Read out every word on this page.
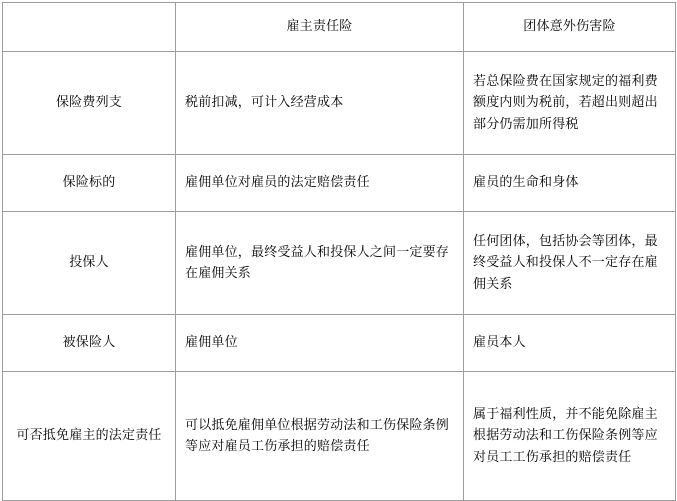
	雇主责任险	团体意外伤害险
保险费列支	税前扣减，可计入经营成本	若总保险费在国家规定的福利费额度内则为税前，若超出则超出部分仍需加所得税
保险标的	雇佣单位对雇员的法定赔偿责任	雇员的生命和身体
投保人	雇佣单位，最终受益人和投保人之间一定要存在雇佣关系	任何团体，包括协会等团体，最终受益人和投保人不一定存在雇佣关系
被保险人	雇佣单位	雇员本人
可否抵免雇主的法定责任	可以抵免雇佣单位根据劳动法和工伤保险条例等应对雇员工伤承担的赔偿责任	属于福利性质，并不能免除雇主根据劳动法和工伤保险条例等应对员工工伤承担的赔偿责任
